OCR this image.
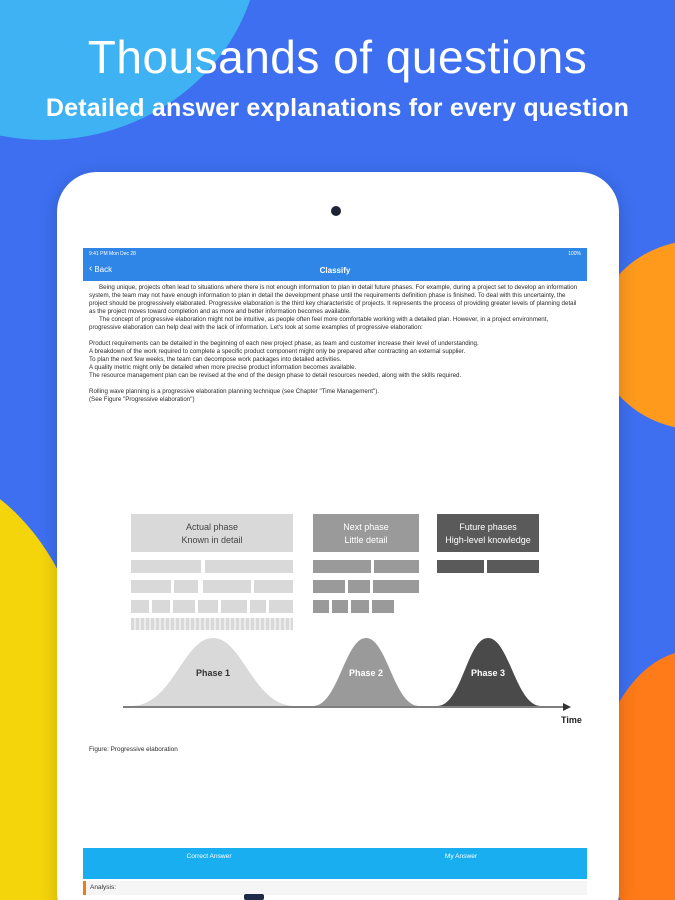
Thousands of questions
Detailed answer explanations for every question
9:41 PM Mon Dec 28	100%
‹ Back	Classify

Being unique, projects often lead to situations where there is not enough information to plan in detail future phases. For example, during a project set to develop an information system, the team may not have enough information to plan in detail the development phase until the requirements definition phase is finished. To deal with this uncertainty, the project should be progressively elaborated. Progressive elaboration is the third key characteristic of projects. It represents the process of providing greater levels of planning detail as the project moves toward completion and as more and better information becomes available.

The concept of progressive elaboration might not be intuitive, as people often feel more comfortable working with a detailed plan. However, in a project environment, progressive elaboration can help deal with the lack of information. Let's look at some examples of progressive elaboration:

Product requirements can be detailed in the beginning of each new project phase, as team and customer increase their level of understanding.

A breakdown of the work required to complete a specific product component might only be prepared after contracting an external supplier.

To plan the next few weeks, the team can decompose work packages into detailed activities.

A quality metric might only be detailed when more precise product information becomes available.

The resource management plan can be revised at the end of the design phase to detail resources needed, along with the skills required.

Rolling wave planning is a progressive elaboration planning technique (see Chapter "Time Management").

(See Figure "Progressive elaboration")

Actual phase
Known in detail
Next phase
Little detail
Future phases
High-level knowledge
Phase 1	Phase 2	Phase 3
Time
Figure: Progressive elaboration
Correct Answer	My Answer
Analysis:
